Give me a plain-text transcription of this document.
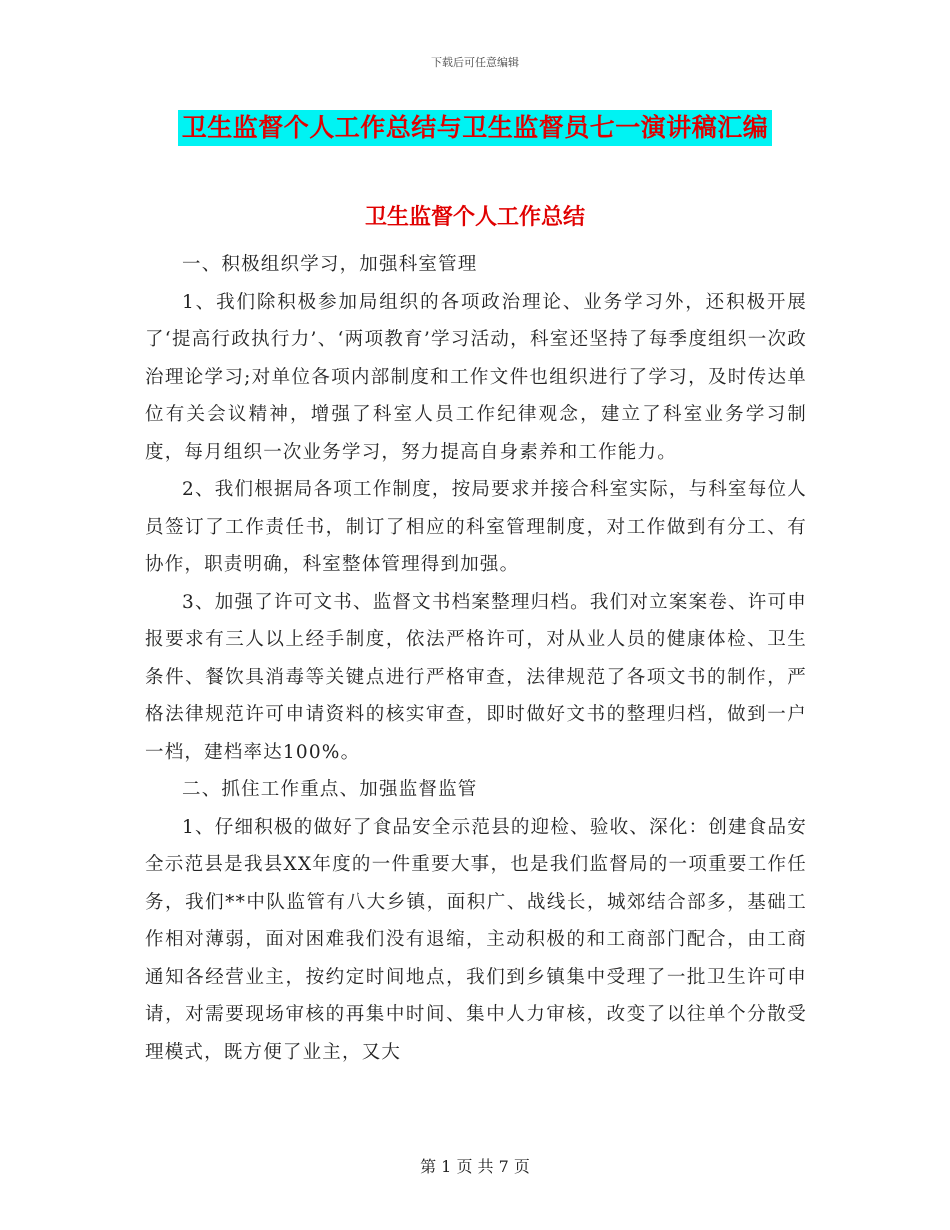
下载后可任意编辑
卫生监督个人工作总结与卫生监督员七一演讲稿汇编
卫生监督个人工作总结

一、积极组织学习，加强科室管理

1、我们除积极参加局组织的各项政治理论、业务学习外，还积极开展了‘提高行政执行力’、‘两项教育’学习活动，科室还坚持了每季度组织一次政治理论学习;对单位各项内部制度和工作文件也组织进行了学习，及时传达单位有关会议精神，增强了科室人员工作纪律观念，建立了科室业务学习制度，每月组织一次业务学习，努力提高自身素养和工作能力。

2、我们根据局各项工作制度，按局要求并接合科室实际，与科室每位人员签订了工作责任书，制订了相应的科室管理制度，对工作做到有分工、有协作，职责明确，科室整体管理得到加强。

3、加强了许可文书、监督文书档案整理归档。我们对立案案卷、许可申报要求有三人以上经手制度，依法严格许可，对从业人员的健康体检、卫生条件、餐饮具消毒等关键点进行严格审查，法律规范了各项文书的制作，严格法律规范许可申请资料的核实审查，即时做好文书的整理归档，做到一户一档，建档率达100%。

二、抓住工作重点、加强监督监管

1、仔细积极的做好了食品安全示范县的迎检、验收、深化：创建食品安全示范县是我县XX年度的一件重要大事，也是我们监督局的一项重要工作任务，我们**中队监管有八大乡镇，面积广、战线长，城郊结合部多，基础工作相对薄弱，面对困难我们没有退缩，主动积极的和工商部门配合，由工商通知各经营业主，按约定时间地点，我们到乡镇集中受理了一批卫生许可申请，对需要现场审核的再集中时间、集中人力审核，改变了以往单个分散受理模式，既方便了业主，又大

第 1 页 共 7 页
